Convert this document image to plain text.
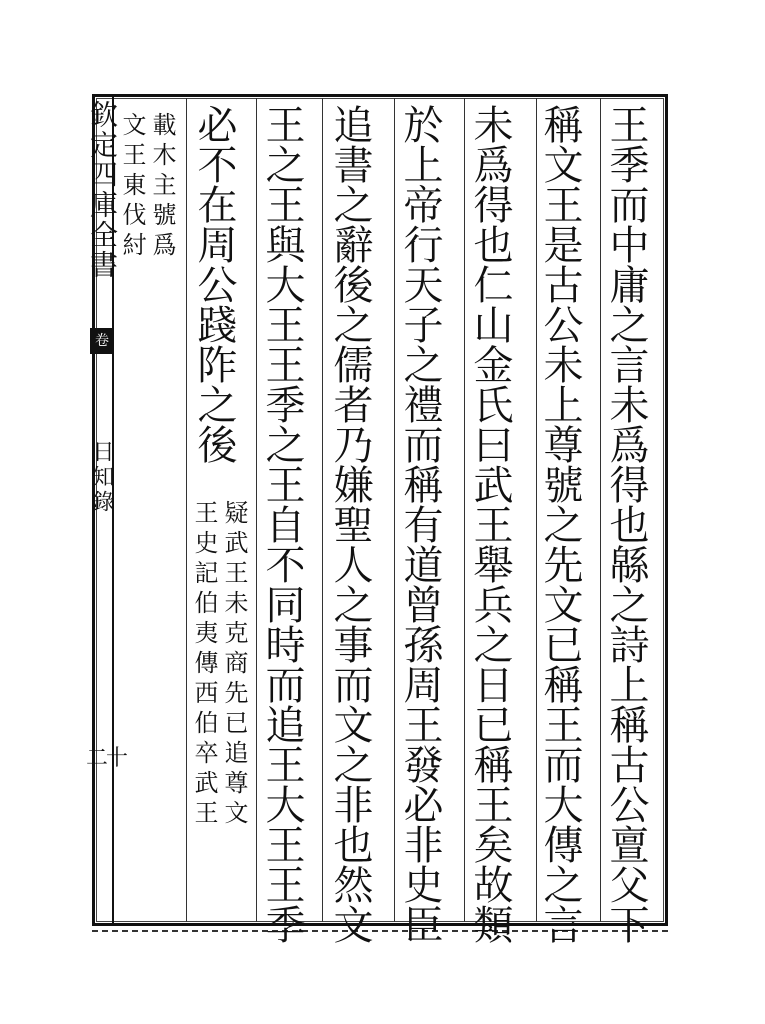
欽定四庫全書
卷
日知錄
二十	王季而中庸之言未爲得也緜之詩上稱古公亶父下
稱文王是古公未上尊號之先文已稱王而大傳之言
未爲得也仁山金氏曰武王舉兵之日已稱王矣故類
於上帝行天子之禮而稱有道曾孫周王發必非史臣
追書之辭後之儒者乃嫌聖人之事而文之非也然文
王之王與大王王季之王自不同時而追王大王王季
必不在周公踐阼之後
疑武王未克商先已追尊文
王史記伯夷傳西伯卒武王
載木主號爲
文王東伐紂
